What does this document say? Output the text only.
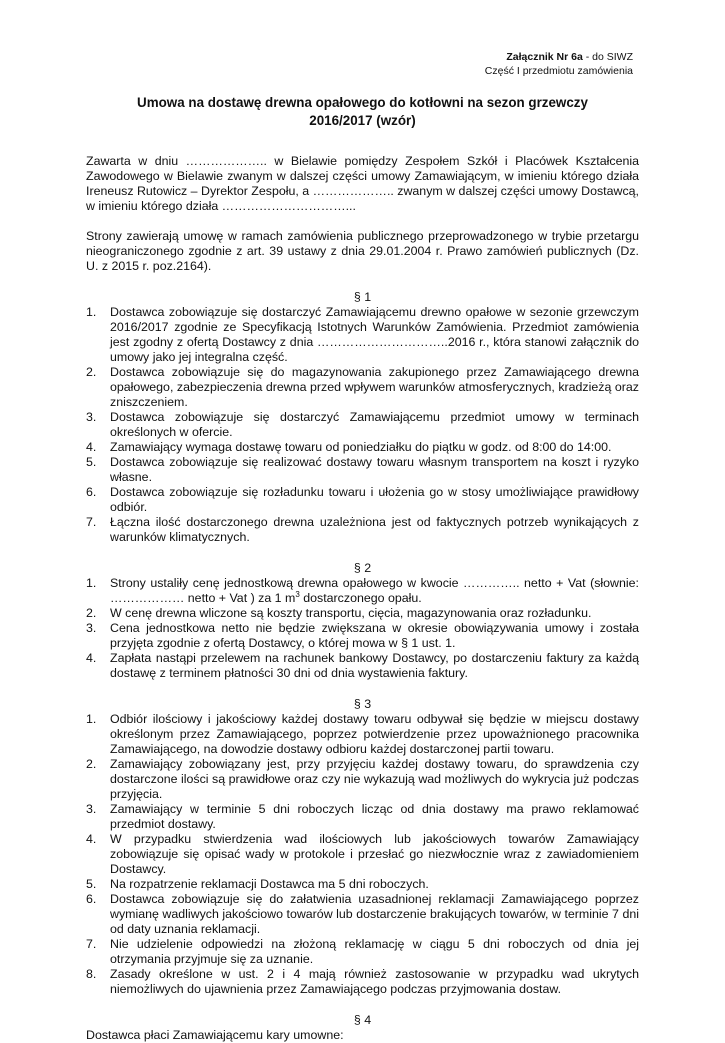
Załącznik Nr 6a - do SIWZ
Część I przedmiotu zamówienia
Umowa na dostawę drewna opałowego do kotłowni na sezon grzewczy
2016/2017 (wzór)

Zawarta w dniu ……………….. w Bielawie pomiędzy Zespołem Szkół i Placówek Kształcenia Zawodowego w Bielawie zwanym w dalszej części umowy Zamawiającym, w imieniu którego działa Ireneusz Rutowicz – Dyrektor Zespołu, a ……………….. zwanym w dalszej części umowy Dostawcą, w imieniu którego działa …………………………...

Strony zawierają umowę w ramach zamówienia publicznego przeprowadzonego w trybie przetargu nieograniczonego zgodnie z art. 39 ustawy z dnia 29.01.2004 r. Prawo zamówień publicznych (Dz. U. z 2015 r. poz.2164).

§ 1

1. Dostawca zobowiązuje się dostarczyć Zamawiającemu drewno opałowe w sezonie grzewczym 2016/2017 zgodnie ze Specyfikacją Istotnych Warunków Zamówienia. Przedmiot zamówienia jest zgodny z ofertą Dostawcy z dnia …………………………..2016 r., która stanowi załącznik do umowy jako jej integralna część.
2. Dostawca zobowiązuje się do magazynowania zakupionego przez Zamawiającego drewna opałowego, zabezpieczenia drewna przed wpływem warunków atmosferycznych, kradzieżą oraz zniszczeniem.
3. Dostawca zobowiązuje się dostarczyć Zamawiającemu przedmiot umowy w terminach określonych w ofercie.
4. Zamawiający wymaga dostawę towaru od poniedziałku do piątku w godz. od 8:00 do 14:00.
5. Dostawca zobowiązuje się realizować dostawy towaru własnym transportem na koszt i ryzyko własne.
6. Dostawca zobowiązuje się rozładunku towaru i ułożenia go w stosy umożliwiające prawidłowy odbiór.
7. Łączna ilość dostarczonego drewna uzależniona jest od faktycznych potrzeb wynikających z warunków klimatycznych.

§ 2

1. Strony ustaliły cenę jednostkową drewna opałowego w kwocie ………….. netto + Vat (słownie: ……………… netto + Vat ) za 1 $m^3$ dostarczonego opału.
2. W cenę drewna wliczone są koszty transportu, cięcia, magazynowania oraz rozładunku.
3. Cena jednostkowa netto nie będzie zwiększana w okresie obowiązywania umowy i została przyjęta zgodnie z ofertą Dostawcy, o której mowa w § 1 ust. 1.
4. Zapłata nastąpi przelewem na rachunek bankowy Dostawcy, po dostarczeniu faktury za każdą dostawę z terminem płatności 30 dni od dnia wystawienia faktury.

§ 3

1. Odbiór ilościowy i jakościowy każdej dostawy towaru odbywał się będzie w miejscu dostawy określonym przez Zamawiającego, poprzez potwierdzenie przez upoważnionego pracownika Zamawiającego, na dowodzie dostawy odbioru każdej dostarczonej partii towaru.
2. Zamawiający zobowiązany jest, przy przyjęciu każdej dostawy towaru, do sprawdzenia czy dostarczone ilości są prawidłowe oraz czy nie wykazują wad możliwych do wykrycia już podczas przyjęcia.
3. Zamawiający w terminie 5 dni roboczych licząc od dnia dostawy ma prawo reklamować przedmiot dostawy.
4. W przypadku stwierdzenia wad ilościowych lub jakościowych towarów Zamawiający zobowiązuje się opisać wady w protokole i przesłać go niezwłocznie wraz z zawiadomieniem Dostawcy.
5. Na rozpatrzenie reklamacji Dostawca ma 5 dni roboczych.
6. Dostawca zobowiązuje się do załatwienia uzasadnionej reklamacji Zamawiającego poprzez wymianę wadliwych jakościowo towarów lub dostarczenie brakujących towarów, w terminie 7 dni od daty uznania reklamacji.
7. Nie udzielenie odpowiedzi na złożoną reklamację w ciągu 5 dni roboczych od dnia jej otrzymania przyjmuje się za uznanie.
8. Zasady określone w ust. 2 i 4 mają również zastosowanie w przypadku wad ukrytych niemożliwych do ujawnienia przez Zamawiającego podczas przyjmowania dostaw.

§ 4

Dostawca płaci Zamawiającemu kary umowne:
